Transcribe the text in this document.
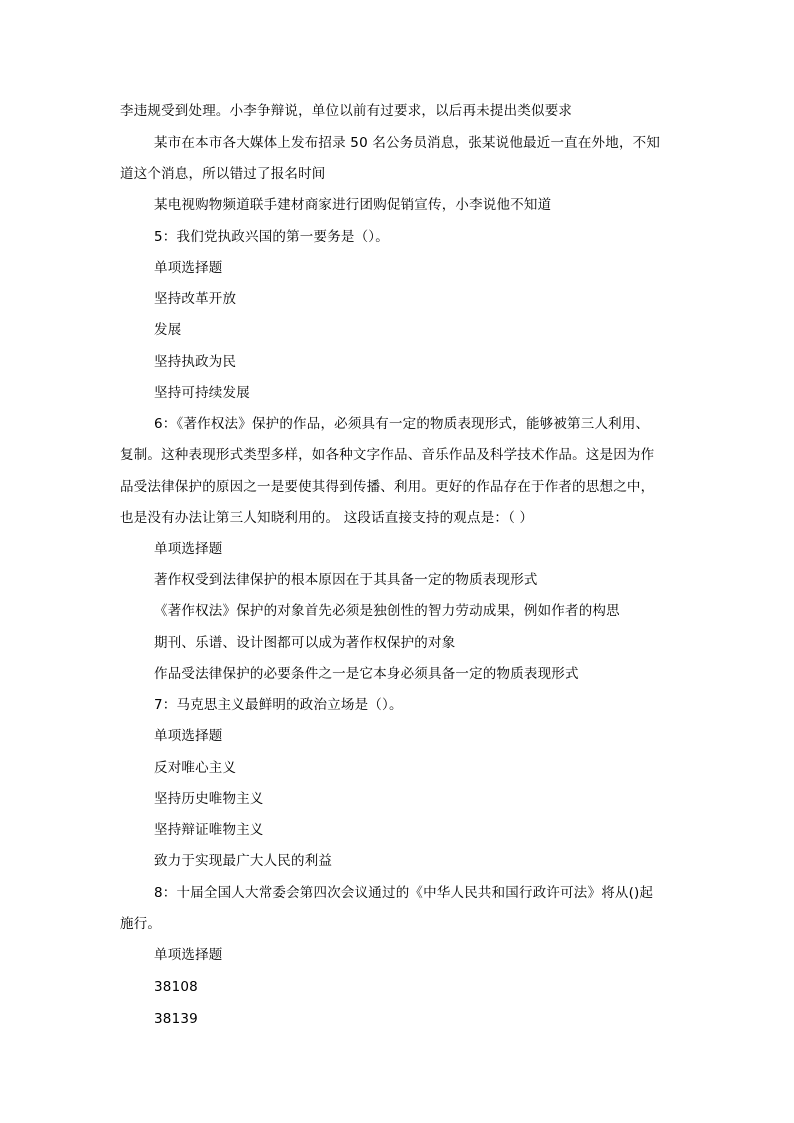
李违规受到处理。小李争辩说，单位以前有过要求，以后再未提出类似要求
某市在本市各大媒体上发布招录 50 名公务员消息，张某说他最近一直在外地，不知
道这个消息，所以错过了报名时间
某电视购物频道联手建材商家进行团购促销宣传，小李说他不知道
5：我们党执政兴国的第一要务是（）。
单项选择题
坚持改革开放
发展
坚持执政为民
坚持可持续发展
6：《著作权法》保护的作品，必须具有一定的物质表现形式，能够被第三人利用、
复制。这种表现形式类型多样，如各种文字作品、音乐作品及科学技术作品。这是因为作
品受法律保护的原因之一是要使其得到传播、利用。更好的作品存在于作者的思想之中，
也是没有办法让第三人知晓利用的。 这段话直接支持的观点是：（ ）
单项选择题
著作权受到法律保护的根本原因在于其具备一定的物质表现形式
《著作权法》保护的对象首先必须是独创性的智力劳动成果，例如作者的构思
期刊、乐谱、设计图都可以成为著作权保护的对象
作品受法律保护的必要条件之一是它本身必须具备一定的物质表现形式
7：马克思主义最鲜明的政治立场是（）。
单项选择题
反对唯心主义
坚持历史唯物主义
坚持辩证唯物主义
致力于实现最广大人民的利益
8：十届全国人大常委会第四次会议通过的《中华人民共和国行政许可法》将从()起
施行。
单项选择题
38108
38139
